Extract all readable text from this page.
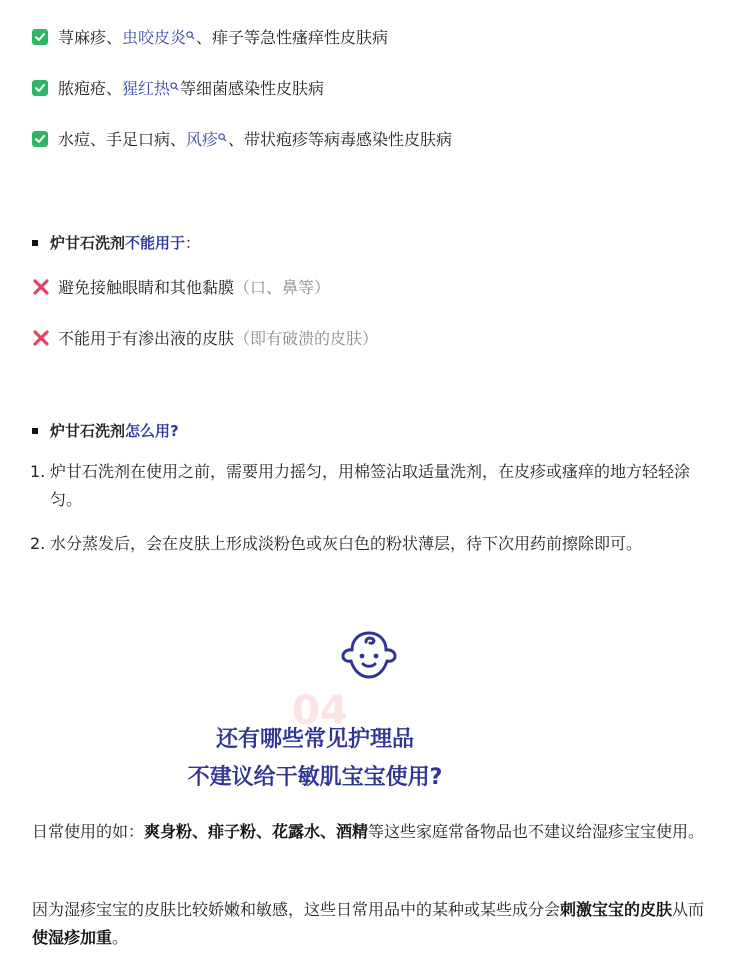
荨麻疹、 虫咬皮炎 、痱子等急性瘙痒性皮肤病
脓疱疮、 猩红热 等细菌感染性皮肤病
水痘、手足口病、 风疹 、带状疱疹等病毒感染性皮肤病
炉甘石洗剂 不能用于 ：
避免接触眼睛和其他黏膜 （口、鼻等）
不能用于有渗出液的皮肤 （即有破溃的皮肤）
炉甘石洗剂 怎么用?
1. 炉甘石洗剂在使用之前，需要用力摇匀，用棉签沾取适量洗剂，在皮疹或瘙痒的地方轻轻涂匀。
2. 水分蒸发后，会在皮肤上形成淡粉色或灰白色的粉状薄层，待下次用药前擦除即可。
04
还有哪些常见护理品
不建议给干敏肌宝宝使用?
日常使用的如：爽身粉、痱子粉、花露水、酒精等这些家庭常备物品也不建议给湿疹宝宝使用。
因为湿疹宝宝的皮肤比较娇嫩和敏感，这些日常用品中的某种或某些成分会刺激宝宝的皮肤从而使湿疹加重。
